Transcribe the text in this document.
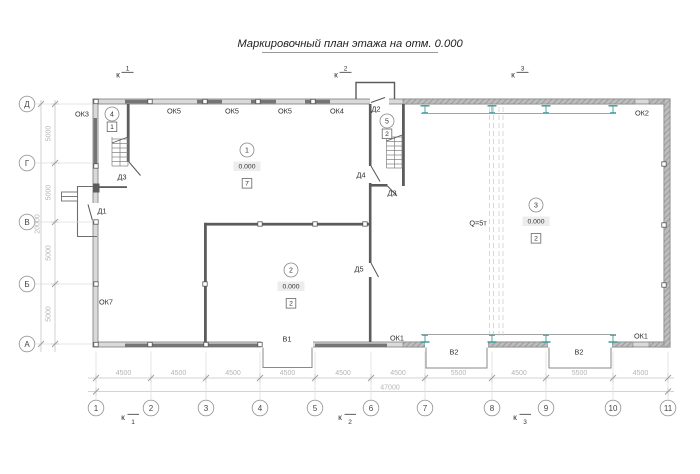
Маркировочный план этажа на отм. 0.000
1	2	3	4	5	6	7	8	9	10	11
Д
Г
В
Б
А
4500	4500	4500	4500	4500	4500	5500	4500	5500	4500
47000
5000
5000
5000
5000
20000
к
1
к
2
к
3
к
1
к
2
к
3
1
0.000
7
2
0.000
2
3
0.000
2
4
1
5
2
ОК3	ОК5	ОК5	ОК5	ОК4	Д2	ОК2
Д3	Д4
Д3
Д1
Д5
ОК7
В1	ОК1	ОК1
В2	В2
Q=5т
